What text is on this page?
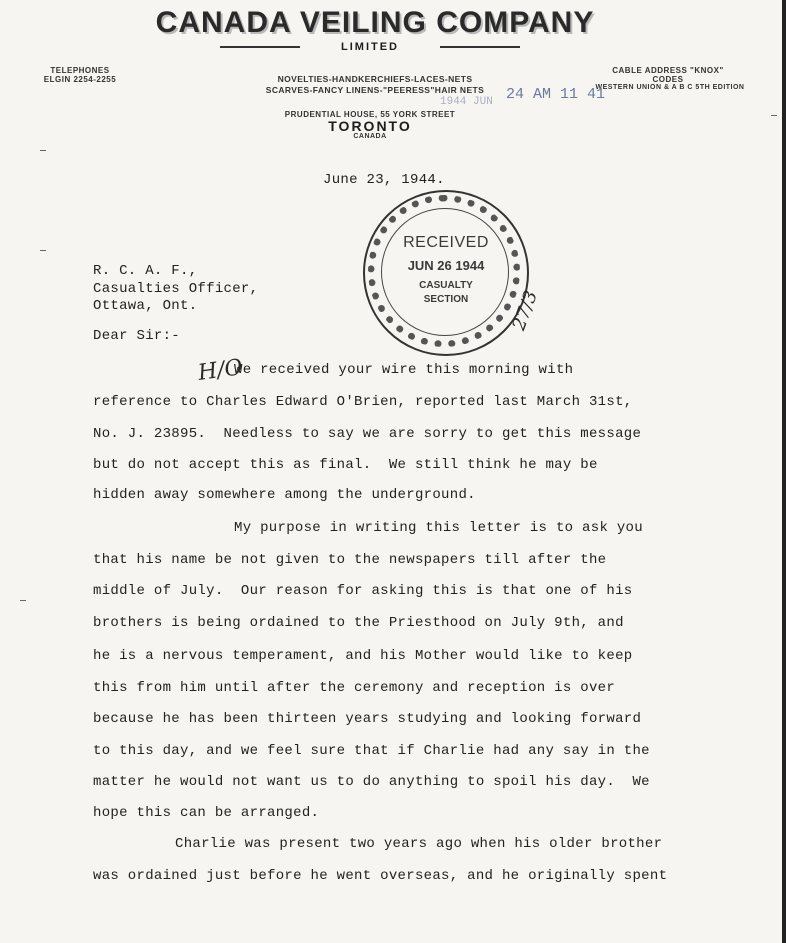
CANADA VEILING COMPANY
LIMITED
TELEPHONES
ELGIN 2254-2255	NOVELTIES-HANDKERCHIEFS-LACES-NETS
SCARVES-FANCY LINENS-"PEERESS"HAIR NETS
CABLE ADDRESS "KNOX"
CODES
WESTERN UNION & A B C 5TH EDITION
PRUDENTIAL HOUSE, 55 YORK STREET
TORONTO
CANADA
1944 JUN 24 AM 11 41
June 23, 1944.
RECEIVED
JUN 26 1944
CASUALTY
SECTION	27/3
R. C. A. F.,
Casualties Officer,
Ottawa, Ont.
Dear Sir:-
H/O
We received your wire this morning with
reference to Charles Edward O'Brien, reported last March 31st,
No. J. 23895.  Needless to say we are sorry to get this message
but do not accept this as final.  We still think he may be
hidden away somewhere among the underground.
My purpose in writing this letter is to ask you
that his name be not given to the newspapers till after the
middle of July.  Our reason for asking this is that one of his
brothers is being ordained to the Priesthood on July 9th, and
he is a nervous temperament, and his Mother would like to keep
this from him until after the ceremony and reception is over
because he has been thirteen years studying and looking forward
to this day, and we feel sure that if Charlie had any say in the
matter he would not want us to do anything to spoil his day.  We
hope this can be arranged.
Charlie was present two years ago when his older brother
was ordained just before he went overseas, and he originally spent
